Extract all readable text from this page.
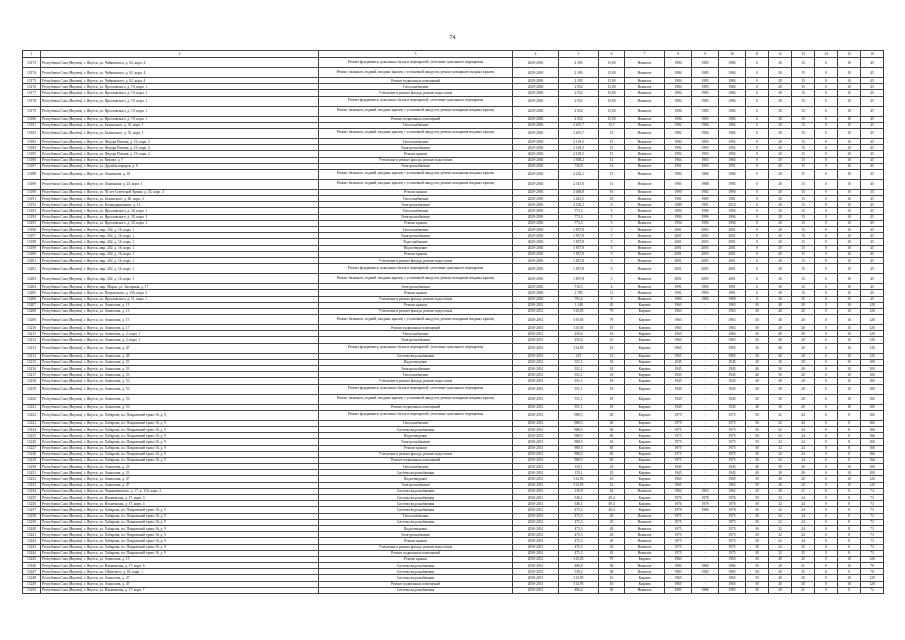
74
1	2	3	4	5	6	7	8	9	10	11	12	13	14	15	16
13173	Республика Саха (Якутия), г. Якутск, ул. Чайковского, д. 92, корп. 4	Ремонт фундамента, цокольных балок и перекрытий, утепление цокольного перекрытия	2029-2030	2 105	15,00	Нежилое	1984	1985	1984	0	20	15	0	10	45
13174	Республика Саха (Якутия), г. Якутск, ул. Чайковского, д. 92, корп. 4	Ремонт балконов, лоджий, входных крылец с установкой пандусов, ремонт козырьков входных крылец	2029-2030	2 105	15,00	Нежилое	1984	1985	1984	0	20	15	0	10	45
13175	Республика Саха (Якутия), г. Якутск, ул. Чайковского, д. 92, корп. 4	Ремонт подвальных помещений	2029-2030	2 105	15,00	Нежилое	1984	1985	1984	0	20	15	0	10	45
13176	Республика Саха (Якутия), г. Якутск, ул. Ярославского, д. 19, корп. 1	Теплоснабжение	2029-2030	2 052	15,00	Нежилое	1984	1985	1984	0	20	15	0	10	45
13177	Республика Саха (Якутия), г. Якутск, ул. Ярославского, д. 19, корп. 1	Утепление и ремонт фасада, ремонт водостоков	2029-2030	2 052	15,00	Нежилое	1984	1985	1984	0	20	15	0	10	45
13178	Республика Саха (Якутия), г. Якутск, ул. Ярославского, д. 19, корп. 1	Ремонт фундамента, цокольных балок и перекрытий, утепление цокольного перекрытия	2029-2030	2 052	15,00	Нежилое	1984	1985	1984	0	20	15	0	10	45
13179	Республика Саха (Якутия), г. Якутск, ул. Ярославского, д. 19, корп. 1	Ремонт балконов, лоджий, входных крылец с установкой пандусов, ремонт козырьков входных крылец	2029-2030	2 052	15,00	Нежилое	1984	1985	1984	0	20	15	0	10	45
13180	Республика Саха (Якутия), г. Якутск, ул. Ярославского, д. 19, корп. 1	Ремонт подвальных помещений	2029-2030	2 052	15,00	Нежилое	1984	1985	1984	0	20	15	0	10	45
13181	Республика Саха (Якутия), г. Якутск, ул. Белинского, д. 35, корп. 1	Теплоснабжение	2029-2030	2 401,7	15,7	Нежилое	1982	1984	1982	0	20	15	0	10	45
13182	Республика Саха (Якутия), г. Якутск, ул. Белинского, д. 35, корп. 1	Ремонт балконов, лоджий, входных крылец с установкой пандусов, ремонт козырьков входных крылец	2029-2030	2 401,7	15	Нежилое	1982	1984	1982	0	20	15	0	10	45
13183	Республика Саха (Якутия), г. Якутск, ул. Федора Попова, д. 19, корп. 2	Теплоснабжение	2029-2030	2 129,5	15	Нежилое	1992	1993	1992	0	20	15	0	10	45
13184	Республика Саха (Якутия), г. Якутск, ул. Федора Попова, д. 19, корп. 2	Электроснабжение	2029-2030	2 129,5	15	Нежилое	1992	1993	1992	0	20	15	0	10	45
13185	Республика Саха (Якутия), г. Якутск, ул. Федора Попова, д. 19, корп. 2	Ремонт крыши	2029-2030	2 129,5	15	Нежилое	1992	1993	1992	0	20	15	0	10	45
13186	Республика Саха (Якутия), г. Якутск, ул. Кирова, д. 7	Утепление и ремонт фасада, ремонт водостоков	2029-2030	1 938,2	13	Нежилое	1964	1965	1964	0	20	15	0	10	45
13187	Республика Саха (Якутия), г. Якутск, ул. Дружбы народов, д. 6	Электроснабжение	2029-2030	730,9	14	Нежилое	1991	1993	1991	0	20	15	0	10	45
13188	Республика Саха (Якутия), г. Якутск, ул. Лонгинова, д. 18	Ремонт балконов, лоджий, входных крылец с установкой пандусов, ремонт козырьков входных крылец	2029-2030	2 232,1	15	Нежилое	1984	1986	1984	0	20	15	0	10	45
13189	Республика Саха (Якутия), г. Якутск, ул. Лонгинова, д. 23, корп. 1	Ремонт балконов, лоджий, входных крылец с установкой пандусов, ремонт козырьков входных крылец	2029-2030	2 313,8	15	Нежилое	1985	1988	1985	0	20	15	0	10	45
13190	Республика Саха (Якутия), г. Якутск, ул. 50 лет Советской Армии, д. 33, корп. 4	Ремонт крыши	2029-2030	2 469,8	16	Нежилое	1990	1992	1990	0	20	15	0	10	35
13191	Республика Саха (Якутия), г. Якутск, ул. Белинского, д. 46, корп. 3	Теплоснабжение	2029-2030	1 441,5	10	Нежилое	1981	1983	1981	0	20	15	0	10	45
13192	Республика Саха (Якутия), г. Якутск, ул. Каландаришвили, д. 13	Электроснабжение	2029-2030	4 156,2	8	Нежилое	1989	1991	2010	0	20	15	0	10	45
13193	Республика Саха (Якутия), г. Якутск, ул. Ярославского, д. 30, корп. 1	Теплоснабжение	2029-2030	773,3	5	Нежилое	1994	1996	1994	0	20	15	0	10	45
13194	Республика Саха (Якутия), г. Якутск, ул. Ярославского, д. 30, корп. 1	Электроснабжение	2029-2030	773,3	5	Нежилое	1994	1996	1994	0	20	15	0	10	45
13195	Республика Саха (Якутия), г. Якутск, ул. Ярославского, д. 30, корп. 1	Ремонт крыши	2029-2030	773,3	5	Нежилое	1994	1996	1994	0	20	15	0	10	45
13196	Республика Саха (Якутия), г. Якутск, мкр. 202, д. 16, корп. 1	Теплоснабжение	2029-2030	1 837,8	5	Нежилое	2001	2003	2001	0	20	15	0	10	45
13197	Республика Саха (Якутия), г. Якутск, мкр. 202, д. 16, корп. 1	Электроснабжение	2029-2030	1 837,8	5	Нежилое	2001	2003	2001	0	20	15	0	10	45
13198	Республика Саха (Якутия), г. Якутск, мкр. 202, д. 16, корп. 1	Водоснабжение	2029-2030	1 837,8	5	Нежилое	2001	2003	2001	0	20	15	0	10	45
13199	Республика Саха (Якутия), г. Якутск, мкр. 202, д. 16, корп. 1	Водоотведение	2029-2030	1 837,8	5	Нежилое	2001	2003	2001	0	20	15	0	10	45
13200	Республика Саха (Якутия), г. Якутск, мкр. 202, д. 16, корп. 1	Ремонт крыши	2029-2030	1 837,8	5	Нежилое	2001	2003	2001	0	20	15	0	10	45
13201	Республика Саха (Якутия), г. Якутск, мкр. 202, д. 16, корп. 1	Утепление и ремонт фасада, ремонт водостоков	2029-2030	1 837,8	5	Нежилое	2001	2003	2001	0	20	15	0	10	45
13202	Республика Саха (Якутия), г. Якутск, мкр. 202, д. 16, корп. 1	Ремонт фундамента, цокольных балок и перекрытий, утепление цокольного перекрытия	2029-2030	1 837,8	5	Нежилое	2001	2003	2001	0	20	15	0	10	45
13203	Республика Саха (Якутия), г. Якутск, мкр. 202, д. 16, корп. 1	Ремонт балконов, лоджий, входных крылец с установкой пандусов, ремонт козырьков входных крылец	2029-2030	1 837,8	5	Нежилое	2001	2003	2001	0	20	15	0	10	45
13204	Республика Саха (Якутия), г. Якутск, мкр. Марха, ул. Заозерная, д. 17	Электроснабжение	2029-2030	716,5	4	Нежилое	1991	1992	1991	0	20	15	0	10	45
13205	Республика Саха (Якутия), г. Якутск, ул. Петровского, д. 156, корп. 2	Ремонт крыши	2029-2030	1 785	11	Нежилое	1991	1993	1991	0	20	15	0	10	45
13206	Республика Саха (Якутия), г. Якутск, ул. Ярославского, д. 11, корп. 1	Утепление и ремонт фасада, ремонт водостоков	2029-2030	793,4	9	Нежилое	1980	1984	1980	0	20	15	0	10	45
13207	Республика Саха (Якутия), г. Якутск, ул. Аммосова, д. 13	Ремонт крыши	2030-2031	1 148	20	Кирпич	1963	-	1963	50	40	20	0	10	120
13208	Республика Саха (Якутия), г. Якутск, ул. Аммосова, д. 15	Утепление и ремонт фасада, ремонт водостоков	2030-2031	510,05	79	Кирпич	1963	-	1963	50	40	20	0	10	120
13209	Республика Саха (Якутия), г. Якутск, ул. Аммосова, д. 15	Ремонт балконов, лоджий, входных крылец с установкой пандусов, ремонт козырьков входных крылец	2030-2031	510,05	79	Кирпич	1963	-	1963	50	40	20	0	10	120
13210	Республика Саха (Якутия), г. Якутск, ул. Аммосова, д. 17	Ремонт подвальных помещений	2030-2031	510,05	19	Кирпич	1963	-	1963	50	40	20	0	10	120
13211	Республика Саха (Якутия), г. Якутск, ул. Аммосова, д. 2, корп. 1	Теплоснабжение	2030-2031	250,6	10	Кирпич	1963	-	1963	50	40	20	0	10	120
13212	Республика Саха (Якутия), г. Якутск, ул. Аммосова, д. 2, корп. 1	Электроснабжение	2030-2031	250,6	10	Кирпич	1963	-	1963	50	40	20	0	10	120
13213	Республика Саха (Якутия), г. Якутск, ул. Аммосова, д. 47	Ремонт фундамента, цокольных балок и перекрытий, утепление цокольного перекрытия	2030-2031	514,95	16	Кирпич	1965	-	1965	50	40	20	0	10	120
13214	Республика Саха (Якутия), г. Якутск, ул. Аммосова, д. 48	Система водоснабжения	2030-2031	415	12	Кирпич	1965	-	1965	50	40	20	0	10	120
13215	Республика Саха (Якутия), г. Якутск, ул. Аммосова, д. 53	Водоотведение	2030-2031	551,1	18	Кирпич	1945	-	1945	40	30	20	0	10	100
13216	Республика Саха (Якутия), г. Якутск, ул. Аммосова, д. 53	Электроснабжение	2030-2031	551,1	18	Кирпич	1945	-	1945	40	30	20	0	10	100
13217	Республика Саха (Якутия), г. Якутск, ул. Аммосова, д. 53	Теплоснабжение	2030-2031	551,1	18	Кирпич	1945	-	1945	40	30	20	0	10	100
13218	Республика Саха (Якутия), г. Якутск, ул. Аммосова, д. 53	Утепление и ремонт фасада, ремонт водостоков	2030-2031	551,1	18	Кирпич	1945	-	1945	40	30	20	0	10	100
13219	Республика Саха (Якутия), г. Якутск, ул. Аммосова, д. 53	Ремонт фундамента, цокольных балок и перекрытий, утепление цокольного перекрытия	2030-2031	551,1	18	Кирпич	1945	-	1945	40	30	20	0	10	100
13220	Республика Саха (Якутия), г. Якутск, ул. Аммосова, д. 53	Ремонт балконов, лоджий, входных крылец с установкой пандусов, ремонт козырьков входных крылец	2030-2031	551,1	18	Кирпич	1945	-	1945	40	30	20	0	10	100
13221	Республика Саха (Якутия), г. Якутск, ул. Аммосова, д. 53	Ремонт подвальных помещений	2030-2031	551,1	18	Кирпич	1945	-	1945	40	30	20	0	10	100
13222	Республика Саха (Якутия), г. Якутск, ул. Хабарова, пл. Покровский тракт 16, д. 9	Ремонт фундамента, цокольных балок и перекрытий, утепление цокольного перекрытия	2030-2031	988,5	65	Кирпич	1975	-	1975	50	32	24	0	8	166
13223	Республика Саха (Якутия), г. Якутск, ул. Хабарова, пл. Покровский тракт 16, д. 9	Теплоснабжение	2030-2031	988,5	65	Кирпич	1975	-	1975	50	32	24	0	8	166
13224	Республика Саха (Якутия), г. Якутск, ул. Хабарова, пл. Покровский тракт 16, д. 9	Система водоснабжения	2030-2031	988,5	65	Кирпич	1975	-	1975	50	32	24	0	8	166
13225	Республика Саха (Якутия), г. Якутск, ул. Хабарова, пл. Покровский тракт 16, д. 9	Водоотведение	2030-2031	988,5	65	Кирпич	1975	-	1975	50	32	24	0	8	166
13226	Республика Саха (Якутия), г. Якутск, ул. Хабарова, пл. Покровский тракт 16, д. 9	Электроснабжение	2030-2031	988,5	65	Кирпич	1975	-	1975	50	32	24	0	8	166
13227	Республика Саха (Якутия), г. Якутск, ул. Хабарова, пл. Покровский тракт 16, д. 9	Ремонт крыши	2030-2031	988,5	65	Кирпич	1975	-	1975	50	32	24	0	8	166
13228	Республика Саха (Якутия), г. Якутск, ул. Хабарова, пл. Покровский тракт 16, д. 9	Утепление и ремонт фасада, ремонт водостоков	2030-2031	988,5	65	Кирпич	1975	-	1975	50	32	24	0	8	166
13229	Республика Саха (Якутия), г. Якутск, ул. Хабарова, пл. Покровский тракт 16, д. 9	Ремонт подвальных помещений	2030-2031	988,5	65	Кирпич	1975	-	1975	50	32	24	0	8	166
13230	Республика Саха (Якутия), г. Якутск, ул. Аммосова, д. 23	Теплоснабжение	2030-2031	135,1	25	Кирпич	1945	-	1945	40	30	20	0	10	100
13231	Республика Саха (Якутия), г. Якутск, ул. Аммосова, д. 23	Система водоснабжения	2030-2031	135,1	25	Кирпич	1945	-	1945	40	30	20	0	10	100
13232	Республика Саха (Якутия), г. Якутск, ул. Аммосова, д. 47	Водоотведение	2030-2031	514,95	16	Кирпич	1965	-	1965	50	40	20	0	10	120
13233	Республика Саха (Якутия), г. Якутск, ул. Аммосова, д. 47	Электроснабжение	2030-2031	514,95	16	Кирпич	1965	-	1965	50	40	20	0	10	120
13234	Республика Саха (Якутия), г. Якутск, ул. Чернышевского, д. 17, к. 116, корп. 2	Система водоснабжения	2030-2031	136,8	62	Нежилое	1962	1963	1962	20	28	21	0	9	74
13235	Республика Саха (Якутия), г. Якутск, ул. Ильменская, д. 17, корп. 3	Система водоснабжения	2030-2031	546,1	49,4	Кирпич	1976	1978	1976	50	32	24	0	8	73
13236	Республика Саха (Якутия), г. Якутск, ул. Ильменская, д. 17, корп. 4	Система водоснабжения	2030-2031	546,1	49,4	Кирпич	1976	1978	1976	50	32	24	0	8	73
13237	Республика Саха (Якутия), г. Якутск, ул. Хабарова, пл. Покровский тракт 16, д. 9	Система водоснабжения	2030-2031	475,3	49,4	Кирпич	1978	1984	1978	50	32	24	0	8	73
13238	Республика Саха (Якутия), г. Якутск, ул. Хабарова, пл. Покровский тракт 16, д. 9	Теплоснабжение	2030-2031	475,3	45	Нежилое	1975	-	1975	30	32	24	0	8	73
13239	Республика Саха (Якутия), г. Якутск, ул. Хабарова, пл. Покровский тракт 16, д. 9	Система водоснабжения	2030-2031	475,3	45	Нежилое	1975	-	1975	30	32	24	0	8	73
13240	Республика Саха (Якутия), г. Якутск, ул. Хабарова, пл. Покровский тракт 16, д. 9	Водоотведение	2030-2031	475,3	45	Нежилое	1975	-	1975	30	32	24	0	8	73
13241	Республика Саха (Якутия), г. Якутск, ул. Хабарова, пл. Покровский тракт 16, д. 9	Электроснабжение	2030-2031	475,3	45	Нежилое	1975	-	1975	30	32	24	0	8	73
13242	Республика Саха (Якутия), г. Якутск, ул. Хабарова, пл. Покровский тракт 16, д. 9	Ремонт крыши	2030-2031	475,3	45	Нежилое	1975	-	1975	30	32	24	0	8	73
13243	Республика Саха (Якутия), г. Якутск, ул. Хабарова, пл. Покровский тракт 16, д. 9	Утепление и ремонт фасада, ремонт водостоков	2030-2031	475,3	45	Нежилое	1975	-	1975	30	32	25	0	8	73
13244	Республика Саха (Якутия), г. Якутск, ул. Хабарова, пл. Покровский тракт 16, д. 9	Ремонт подвальных помещений	2030-2031	475,3	45	Нежилое	1975	-	1975	30	32	25	0	8	73
13245	Республика Саха (Якутия), г. Якутск, ул. Аммосова, д. 15	Ремонт крыши	2030-2031	510,05	79	Кирпич	1963	-	1963	50	40	20	0	10	120
13246	Республика Саха (Якутия), г. Якутск, ул. Ильменская, д. 17, корп. 6	Система водоснабжения	2030-2031	480,8	50	Нежилое	1984	1984	1984	50	20	21	0	10	79
13247	Республика Саха (Якутия), г. Якутск, пл. Ойунского, д. 65, корп. 1	Система водоснабжения	2030-2031	539,2	58	Нежилое	1983	1985	1983	50	20	21	0	9	79
13248	Республика Саха (Якутия), г. Якутск, ул. Аммосова, д. 47	Система водоснабжения	2030-2031	514,95	16	Кирпич	1965	-	1965	50	40	20	0	10	120
13249	Республика Саха (Якутия), г. Якутск, ул. Аммосова, д. 47	Ремонт подвальных помещений	2030-2031	514,95	16	Кирпич	1965	-	1965	50	40	20	0	10	120
13250	Республика Саха (Якутия), г. Якутск, ул. Ильменская, д. 17, корп. 7	Система водоснабжения	2030-2031	496,2	50	Нежилое	1985	1986	1985	50	20	21	0	9	72
